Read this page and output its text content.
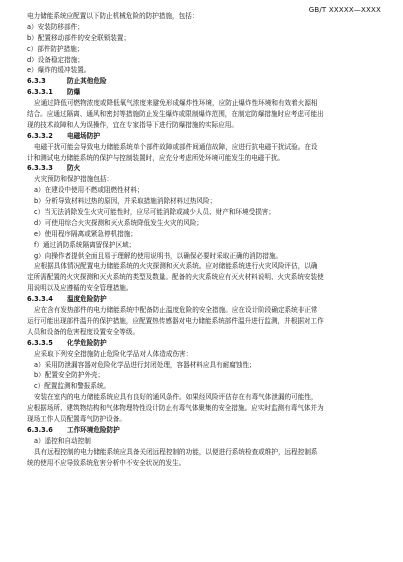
GB/T XXXXX—XXXX
电力储能系统应配置以下防止机械危险的防护措施，包括：
a）安装防移部件；
b）配置移动部件的安全联锁装置；
c）部件防护措施；
d）设备稳定措施；
e）爆炸的缓冲装置。
6.3.3	防止其他危险
6.3.3.1 防爆
应通过降低可燃物浓度或降低氧气浓度来避免形成爆炸性环境，应防止爆炸性环境和有效着火源相
结合。应通过隔离、通风和密封等措施防止发生爆炸或限制爆炸范围，在制定防爆措施时应考虑可能出
现的技术故障和人为误操作，宜在专家指导下进行防爆措施的实际应用。
6.3.3.2 电磁场防护
电磁干扰可能会导致电力储能系统单个部件故障或部件间通信故障，应进行抗电磁干扰试验。在设
计和测试电力储能系统的保护与控制装置时，应充分考虑所处环境可能发生的电磁干扰。
6.3.3.3 防火
火灾预防和保护措施包括：
a）在建设中使用不燃或阻燃性材料；
b）分析导致材料过热的原因，并采取措施消除材料过热风险；
c）当无法消除发生火灾可能性时，应尽可能消除或减少人员、财产和环境受损害；
d）可使用综合火灾探测和灭火系统降低发生火灾的风险；
e）使用程序隔离或紧急停机措施；
f）通过消防系统隔离留保护区域；
g）向操作者提供全面且易于理解的使用说明书，以确保必要时采取正确的消防措施。
应根据具体情况配置电力储能系统的火灾探测和灭火系统。应对储能系统进行火灾风险评估，以确
定所需配置的火灾探测和灭火系统的类型及数量。配备的火灾系统应有灭火材料说明、火灾系统安装使
用说明以及应遵循的安全管理措施。
6.3.3.4 温度危险防护
应在含有发热部件的电力储能系统中配备防止温度危险的安全措施。应在设计阶段确定系统非正常
运行可能出现部件温升的保护措施，应配置热传感器对电力储能系统部件温升进行监测，并根据对工作
人员和设备的危害程度设置安全等级。
6.3.3.5 化学危险防护
应采取下列安全措施防止危险化学品对人体造成伤害：
a）采用防泄漏容器对危险化学品进行封闭处理，容器材料应具有耐腐蚀性；
b）配置安全防护外壳；
c）配置监测和警报系统。
安装在室内的电力储能系统应具有良好的通风条件。如果经风险评估存在有毒气体泄漏的可能性，
应根据场所、建筑物结构和气体物理特性设计防止有毒气体聚集的安全措施。应实时监测有毒气体并为
现场工作人员配置毒气防护设备。
6.3.3.6 工作环境危险防护
a）遥控和自动控制
具有远程控制的电力储能系统应具备关闭远程控制的功能，以便进行系统检查或维护，远程控制系
统的使用不应导致系统危害分析中不安全状况的发生。
